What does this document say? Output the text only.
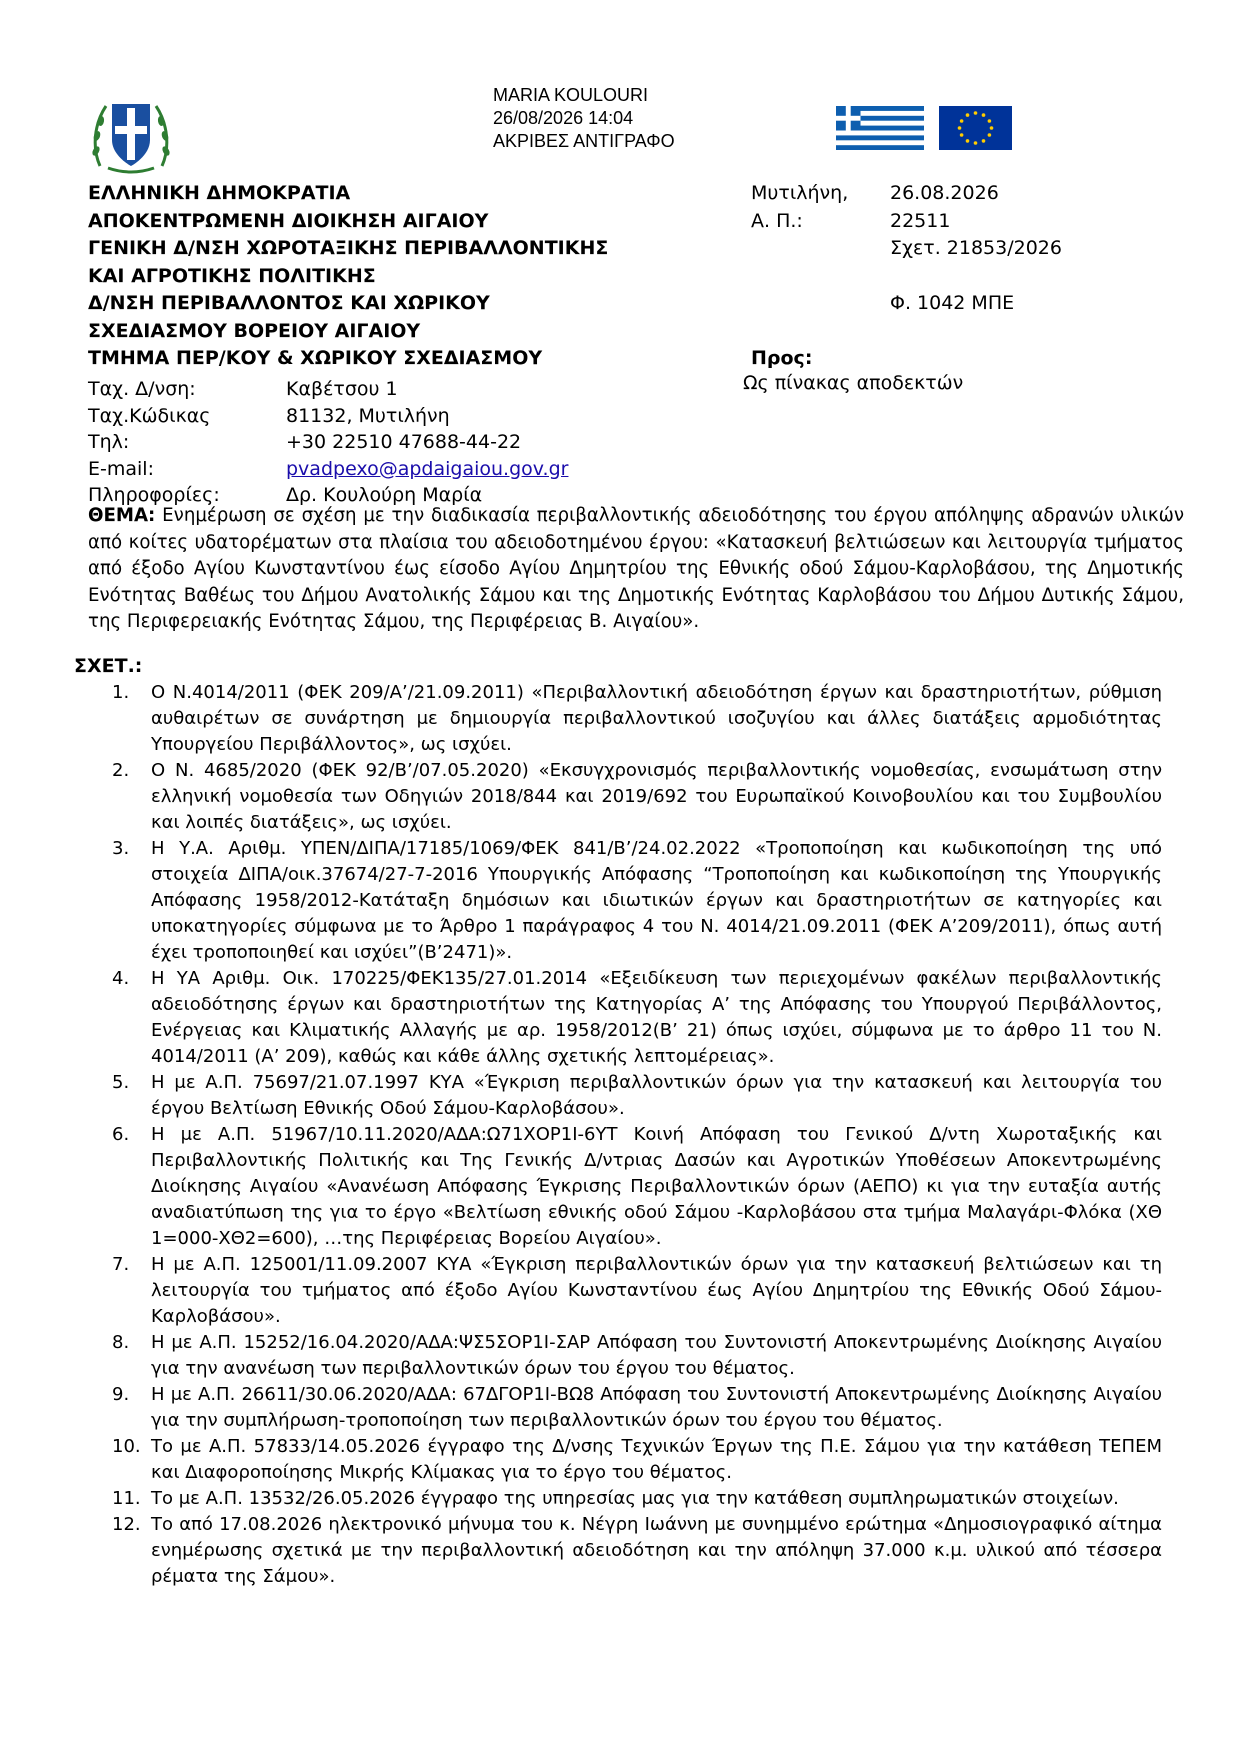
MARIA KOULOURI
26/08/2026 14:04
ΑΚΡΙΒΕΣ ΑΝΤΙΓΡΑΦΟ
ΕΛΛΗΝΙΚΗ ΔΗΜΟΚΡΑΤΙΑ
ΑΠΟΚΕΝΤΡΩΜΕΝΗ ΔΙΟΙΚΗΣΗ ΑΙΓΑΙΟΥ
ΓΕΝΙΚΗ Δ/ΝΣΗ ΧΩΡΟΤΑΞΙΚΗΣ ΠΕΡΙΒΑΛΛΟΝΤΙΚΗΣ
ΚΑΙ ΑΓΡΟΤΙΚΗΣ ΠΟΛΙΤΙΚΗΣ
Δ/ΝΣΗ ΠΕΡΙΒΑΛΛΟΝΤΟΣ ΚΑΙ ΧΩΡΙΚΟΥ
ΣΧΕΔΙΑΣΜΟΥ ΒΟΡΕΙΟΥ ΑΙΓΑΙΟΥ
ΤΜΗΜΑ ΠΕΡ/ΚΟΥ & ΧΩΡΙΚΟΥ ΣΧΕΔΙΑΣΜΟΥ
Μυτιλήνη, 26.08.2026
Α. Π.:	22511
Σχετ. 21853/2026
Φ. 1042 ΜΠΕ
Προς:
Ως πίνακας αποδεκτών
Ταχ. Δ/νση:	Καβέτσου 1
Ταχ.Κώδικας	81132, Μυτιλήνη
Τηλ:	+30 22510 47688-44-22
E-mail:	pvadpexo@apdaigaiou.gov.gr
Πληροφορίες:	Δρ. Κουλούρη Μαρία
ΘΕΜΑ: Ενημέρωση σε σχέση με την διαδικασία περιβαλλοντικής αδειοδότησης του έργου απόληψης αδρανών υλικών από κοίτες υδατορέματων στα πλαίσια του αδειοδοτημένου έργου: «Κατασκευή βελτιώσεων και λειτουργία τμήματος από έξοδο Αγίου Κωνσταντίνου έως είσοδο Αγίου Δημητρίου της Εθνικής οδού Σάμου-Καρλοβάσου, της Δημοτικής Ενότητας Βαθέως του Δήμου Ανατολικής Σάμου και της Δημοτικής Ενότητας Καρλοβάσου του Δήμου Δυτικής Σάμου, της Περιφερειακής Ενότητας Σάμου, της Περιφέρειας Β. Αιγαίου».
ΣΧΕΤ.:
1. Ο Ν.4014/2011 (ΦΕΚ 209/Α’/21.09.2011) «Περιβαλλοντική αδειοδότηση έργων και δραστηριοτήτων, ρύθμιση αυθαιρέτων σε συνάρτηση με δημιουργία περιβαλλοντικού ισοζυγίου και άλλες διατάξεις αρμοδιότητας Υπουργείου Περιβάλλοντος», ως ισχύει.
2. Ο Ν. 4685/2020 (ΦΕΚ 92/Β’/07.05.2020) «Εκσυγχρονισμός περιβαλλοντικής νομοθεσίας, ενσωμάτωση στην ελληνική νομοθεσία των Οδηγιών 2018/844 και 2019/692 του Ευρωπαϊκού Κοινοβουλίου και του Συμβουλίου και λοιπές διατάξεις», ως ισχύει.
3. Η Υ.Α. Αριθμ. ΥΠΕΝ/ΔΙΠΑ/17185/1069/ΦΕΚ 841/Β’/24.02.2022 «Τροποποίηση και κωδικοποίηση της υπό στοιχεία ΔΙΠΑ/οικ.37674/27-7-2016 Υπουργικής Απόφασης “Τροποποίηση και κωδικοποίηση της Υπουργικής Απόφασης 1958/2012-Κατάταξη δημόσιων και ιδιωτικών έργων και δραστηριοτήτων σε κατηγορίες και υποκατηγορίες σύμφωνα με το Άρθρο 1 παράγραφος 4 του Ν. 4014/21.09.2011 (ΦΕΚ Α’209/2011), όπως αυτή έχει τροποποιηθεί και ισχύει”(Β’2471)».
4. Η ΥΑ Αριθμ. Οικ. 170225/ΦΕΚ135/27.01.2014 «Εξειδίκευση των περιεχομένων φακέλων περιβαλλοντικής αδειοδότησης έργων και δραστηριοτήτων της Κατηγορίας Α’ της Απόφασης του Υπουργού Περιβάλλοντος, Ενέργειας και Κλιματικής Αλλαγής με αρ. 1958/2012(Β’ 21) όπως ισχύει, σύμφωνα με το άρθρο 11 του Ν. 4014/2011 (Α’ 209), καθώς και κάθε άλλης σχετικής λεπτομέρειας».
5. Η με Α.Π. 75697/21.07.1997 ΚΥΑ «Έγκριση περιβαλλοντικών όρων για την κατασκευή και λειτουργία του έργου Βελτίωση Εθνικής Οδού Σάμου-Καρλοβάσου».
6. Η με Α.Π. 51967/10.11.2020/ΑΔΑ:Ω71ΧΟΡ1Ι-6ΥΤ Κοινή Απόφαση του Γενικού Δ/ντη Χωροταξικής και Περιβαλλοντικής Πολιτικής και Της Γενικής Δ/ντριας Δασών και Αγροτικών Υποθέσεων Αποκεντρωμένης Διοίκησης Αιγαίου «Ανανέωση Απόφασης Έγκρισης Περιβαλλοντικών όρων (ΑΕΠΟ) κι για την ευταξία αυτής αναδιατύπωση της για το έργο «Βελτίωση εθνικής οδού Σάμου -Καρλοβάσου στα τμήμα Μαλαγάρι-Φλόκα (ΧΘ 1=000-ΧΘ2=600), …της Περιφέρειας Βορείου Αιγαίου».
7. Η με Α.Π. 125001/11.09.2007 ΚΥΑ «Έγκριση περιβαλλοντικών όρων για την κατασκευή βελτιώσεων και τη λειτουργία του τμήματος από έξοδο Αγίου Κωνσταντίνου έως Αγίου Δημητρίου της Εθνικής Οδού Σάμου-Καρλοβάσου».
8. Η με Α.Π. 15252/16.04.2020/ΑΔΑ:ΨΣ5ΣΟΡ1Ι-ΣΑΡ Απόφαση του Συντονιστή Αποκεντρωμένης Διοίκησης Αιγαίου για την ανανέωση των περιβαλλοντικών όρων του έργου του θέματος.
9. Η με Α.Π. 26611/30.06.2020/ΑΔΑ: 67ΔΓΟΡ1Ι-ΒΩ8 Απόφαση του Συντονιστή Αποκεντρωμένης Διοίκησης Αιγαίου για την συμπλήρωση-τροποποίηση των περιβαλλοντικών όρων του έργου του θέματος.
10. Το με Α.Π. 57833/14.05.2026 έγγραφο της Δ/νσης Τεχνικών Έργων της Π.Ε. Σάμου για την κατάθεση ΤΕΠΕΜ και Διαφοροποίησης Μικρής Κλίμακας για το έργο του θέματος.
11. Το με Α.Π. 13532/26.05.2026 έγγραφο της υπηρεσίας μας για την κατάθεση συμπληρωματικών στοιχείων.
12. Το από 17.08.2026 ηλεκτρονικό μήνυμα του κ. Νέγρη Ιωάννη με συνημμένο ερώτημα «Δημοσιογραφικό αίτημα ενημέρωσης σχετικά με την περιβαλλοντική αδειοδότηση και την απόληψη 37.000 κ.μ. υλικού από τέσσερα ρέματα της Σάμου».
